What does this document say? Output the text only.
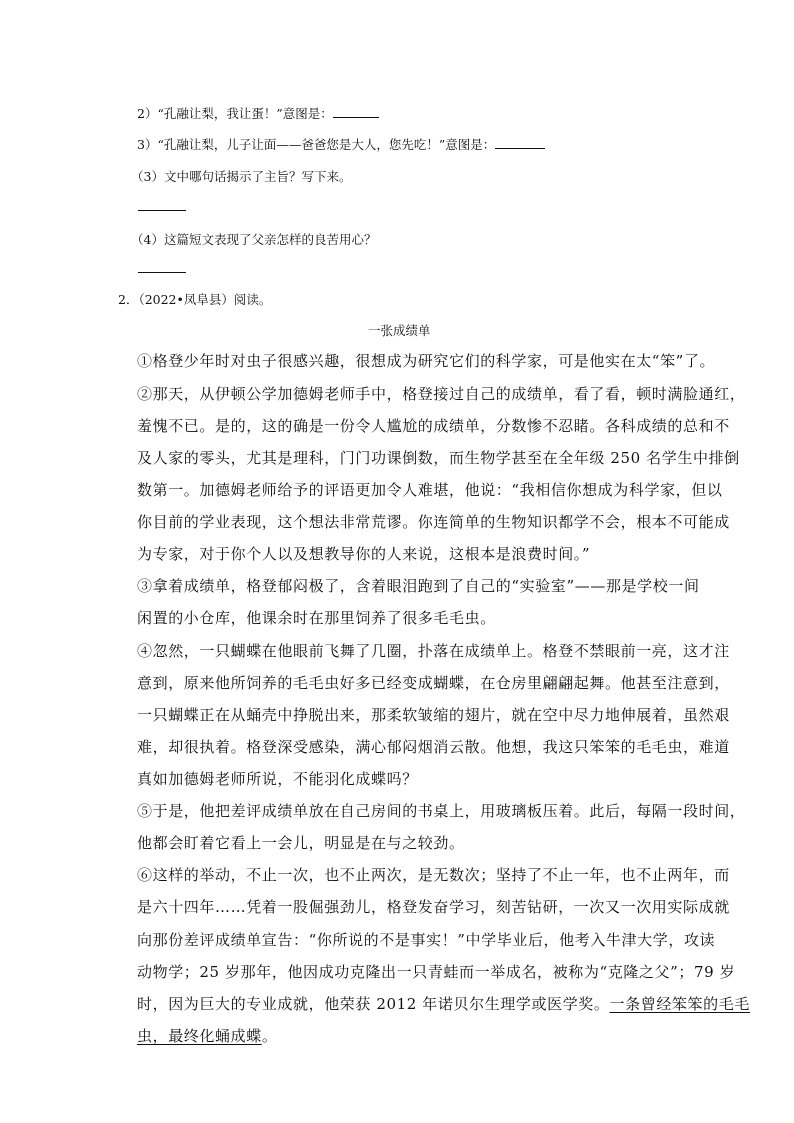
2）“孔融让梨，我让蛋！”意图是：
3）“孔融让梨，儿子让面——爸爸您是大人，您先吃！”意图是：
（3）文中哪句话揭示了主旨？写下来。
（4）这篇短文表现了父亲怎样的良苦用心？
2．（2022•凤阜县）阅读。
一张成绩单
①格登少年时对虫子很感兴趣，很想成为研究它们的科学家，可是他实在太“笨”了。
②那天，从伊顿公学加德姆老师手中，格登接过自己的成绩单，看了看，顿时满脸通红，
羞愧不已。是的，这的确是一份令人尴尬的成绩单，分数惨不忍睹。各科成绩的总和不
及人家的零头，尤其是理科，门门功课倒数，而生物学甚至在全年级 250 名学生中排倒
数第一。加德姆老师给予的评语更加令人难堪，他说：“我相信你想成为科学家，但以
你目前的学业表现，这个想法非常荒谬。你连简单的生物知识都学不会，根本不可能成
为专家，对于你个人以及想教导你的人来说，这根本是浪费时间。”
③拿着成绩单，格登郁闷极了，含着眼泪跑到了自己的“实验室”——那是学校一间
闲置的小仓库，他课余时在那里饲养了很多毛毛虫。
④忽然，一只蝴蝶在他眼前飞舞了几圈，扑落在成绩单上。格登不禁眼前一亮，这才注
意到，原来他所饲养的毛毛虫好多已经变成蝴蝶，在仓房里翩翩起舞。他甚至注意到，
一只蝴蝶正在从蛹壳中挣脱出来，那柔软皱缩的翅片，就在空中尽力地伸展着，虽然艰
难，却很执着。格登深受感染，满心郁闷烟消云散。他想，我这只笨笨的毛毛虫，难道
真如加德姆老师所说，不能羽化成蝶吗？
⑤于是，他把差评成绩单放在自己房间的书桌上，用玻璃板压着。此后，每隔一段时间，
他都会盯着它看上一会儿，明显是在与之较劲。
⑥这样的举动，不止一次，也不止两次，是无数次；坚持了不止一年，也不止两年，而
是六十四年……凭着一股倔强劲儿，格登发奋学习，刻苦钻研，一次又一次用实际成就
向那份差评成绩单宣告：“你所说的不是事实！”中学毕业后，他考入牛津大学，攻读
动物学；25 岁那年，他因成功克隆出一只青蛙而一举成名，被称为“克隆之父”；79 岁
时，因为巨大的专业成就，他荣获 2012 年诺贝尔生理学或医学奖。一条曾经笨笨的毛毛
虫，最终化蛹成蝶。
